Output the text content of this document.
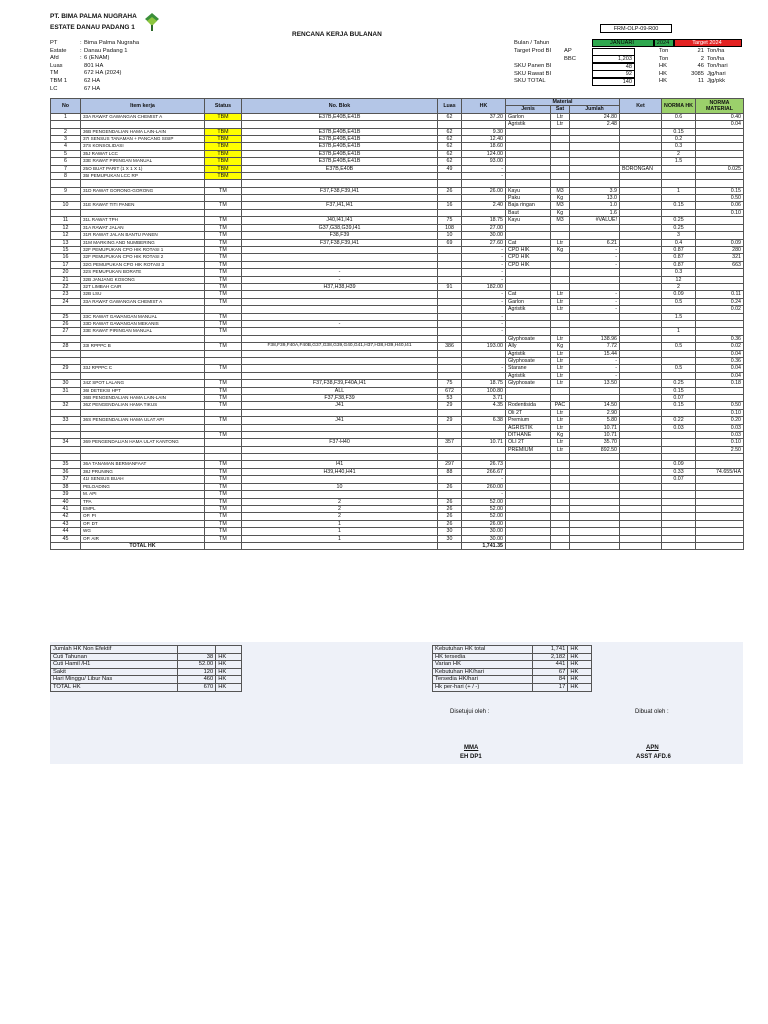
PT. BIMA PALMA NUGRAHA
ESTATE DANAU PADANG 1
RENCANA KERJA BULANAN
FRM-OLP-09-R00
PT	: Bima Palma Nugraha
Estate : Danau Padang 1
Afd	: 6 (ENAM)
Luas	801 HA
TM	672 HA (2024)
TBM 1	62 HA
LC	67 HA
Bulan / Tahun	JANUARI	2024	Target 2024
Target Prod BI AP	Ton	21 Ton/ha
BBC	1,203	Ton	2 Ton/ha
SKU Panen BI	48	HK	46 Ton/hari
SKU Rawat BI	92	HK	3085 Jjg/hari
SKU TOTAL	140	HK	11 Jjg/pkk
No	Item kerja	Status	No. Blok	Luas	HK	Material			Ket	NORMA HK	NORMA MATERIAL
						Jenis	Sat	Jumlah			
1	33A RAWAT GAWANGAN CHEMIST A	TBM	E37B,E40B,E41B	62	37.20	Garlon	Ltr	24.80		0.6	0.40
						Agristik	Ltr	2.48			0.04
2	36B PENGENDALIAN HAMA LAIN-LAIN	TBM	E37B,E40B,E41B	62	9.30					0.15	
3	37I SENSUS TANAMAN + PANCANG SISIP	TBM	E37B,E40B,E41B	62	12.40					0.2	
4	37S KONSOLIDASI	TBM	E37B,E40B,E41B	62	18.60					0.3	
5	35J RAWAT LCC	TBM	E37B,E40B,E41B	62	124.00					2	
6	33E RAWAT PIRINGAN MANUAL	TBM	E37B,E40B,E41B	62	93.00					1.5	
7	25O BUAT PARIT (1 X 1 X 1)	TBM	E37B,E40B	49	-				BORONGAN		0.025
8	35I PEMUPUKAN LCC RP	TBM			-						

9	31D RAWAT GORONG-GORONG	TM	F37,F38,F39,I41	26	26.00	Kayu	M3	3.9		1	0.15
						Paku	Kg	13.0			0.50
10	31E RAWAT TITI PANEN	TM	F37,I41,I41	16	2.40	Baja ringan	M3	1.0		0.15	0.06
						Baut	Kg	1.6			0.10
11	31L RAWAT TPH	TM	J40,I41,I41	75	18.75	Kayu	M3	#VALUE!		0.25	
12	31A RAWAT JALAN	TM	G37,G38,G39,I41	108	27.00					0.25	
12	31R RAWAT JALAN BANTU PANEN	TM	F38,F39	10	30.00					3	
13	31M MARKING AND NUMBERING	TM	F37,F38,F39,I41	69	27.60	Cat	Ltr	6.21		0.4	0.09
15	32F PEMUPUKAN CPO HIK ROTASI 1	TM			-	CPD HIK	Kg	-		0.87	280
16	32F PEMUPUKAN CPO HIK ROTASI 2	TM			-	CPD HIK		-		0.87	321
17	32G PEMUPUKAN CPO HIK ROTASI 3	TM			-	CPD HIK		-		0.87	663
20	32S PEMUPUKAN BORATE	TM	-		-					0.3	
21	32B JANJANG KOSONG	TM	-		-					12	
22	32T LIMBAH CAIR	TM	H37,H38,H39	91	182.00					2	
23	32B LSU	TM			-	Cat	Ltr	-		0.09	0.11
24	33A RAWAT GAWANGAN CHEMIST A	TM			-	Garlon	Ltr	-		0.5	0.24
						Agristik	Ltr	-			0.02
25	33C RAWAT GAWANGAN MANUAL	TM			-					1.5	
26	33D RAWAT GAWANGAN MEKANIS	TM	-		-						
27	33E RAWAT PIRINGAN MANUAL	TM			-					1	
						Glyphosate	Ltr	138.96			0.36
28	33I RPPPC B	TM	F38,F39,F40A,F40B,G37,G38,G39,G40,G41,H37,H38,H39,H40,I41	386	193.00	Ally	Kg	7.72		0.5	0.02
						Agristik	Ltr	15.44			0.04
						Glyphosate	Ltr	-			0.36
29	33J RPPPC C	TM			-	Starane	Ltr	-		0.5	0.04
						Agristik	Ltr	-			0.04
30	34Z SPOT LALANG	TM	F37,F38,F39,F40A,I41	75	18.75	Glyphosate	Ltr	13.50		0.25	0.18
31	36I DETEKSI HPT	TM	ALL	672	100.80					0.15	
	36B PENGENDALIAN HAMA LAIN-LAIN	TM	F37,F38,F39	53	3.71					0.07	
32	36Z PENGENDALIAN HAMA TIKUS	TM	J41	29	4.35	Rodentisida	PAC	14.50		0.15	0.50
						Oli 2T	Ltr	2.90			0.10
33	36S PENGENDALIAN HAMA ULAT API	TM	J41	29	6.38	Premium	Ltr	5.80		0.22	0.20
						AGRISTIK	Ltr	10.71		0.03	0.03
		TM				DITHANE	Kg	10.71			0.03
34	369 PENGENDALIAN HAMA ULAT KANTONG		F37-H40	357	10.71	OLI 2T	Ltr	35.70			0.10
						PREMIUM	Ltr	892.50			2.50

35	36A TANAMAN BERMANFAAT	TM	I41	297	26.73					0.09	
36	38J PRUNING	TM	H39,H40,H41	88	266.67					0.33	74.655/HA
37	41I SENSUS BUAH	TM			-					0.07	
38	PELOADING	TM	10	26	260.00						
39	M. API	TM			-						
40	TPA	TM	2	26	52.00						
41	EMPL	TM	2	26	52.00						
42	OP. PI	TM	2	26	52.00						
43	OP. DT	TM	1	26	26.00						
44	WG	TM	1	30	30.00						
45	OP. AIR	TM	1	30	30.00						
	TOTAL HK				1,741.35						
Jumlah HK Non Efektif		
Cuti Tahunan	38	HK
Cuti Hamil /H1	52.00	HK
Sakit	120	HK
Hari Minggu/ Libur Nas	460	HK
TOTAL HK	670	HK
Kebutuhan HK total	1,741	HK
HK tersedia	2,182	HK
Varian HK	441	HK
Kebutuhan HK/hari	67	HK
Tersedia HK/hari	84	HK
Hk per-hari (+ / -)	17	HK
Disetujui oleh :	Dibuat oleh :
MMA
EH DP1
APN
ASST AFD.6
